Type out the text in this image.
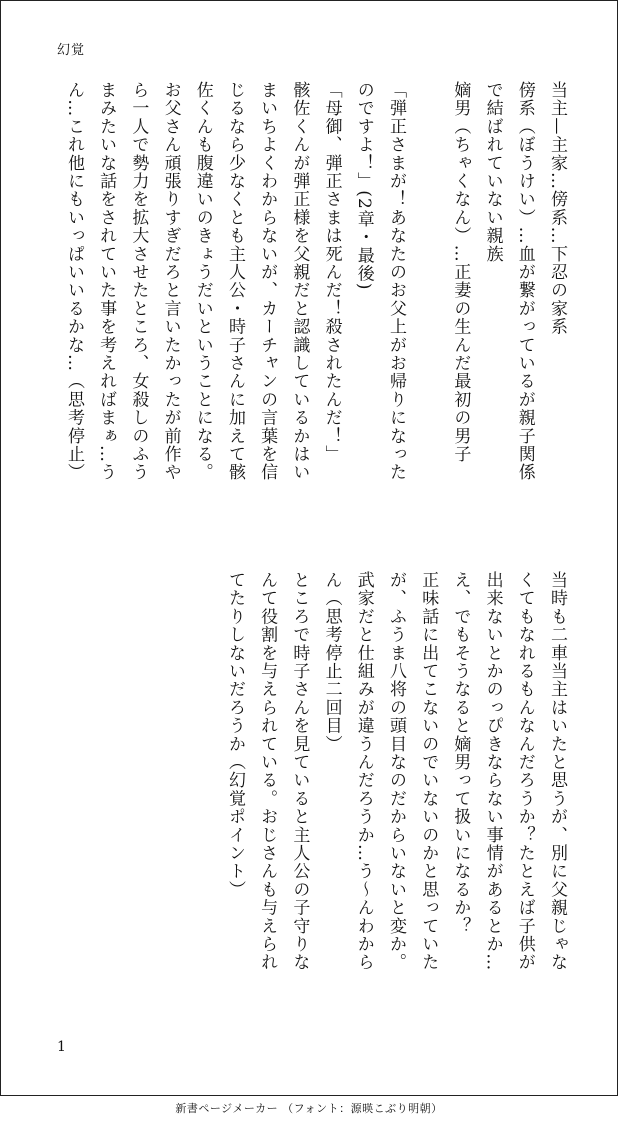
幻覚
当主—主家…傍系…下忍の家系
傍系（ぼうけい）…血が繋がっているが親子関係
で結ばれていない親族
嫡男（ちゃくなん）…正妻の生んだ最初の男子
「弾正さまが！あなたのお父上がお帰りになった
のですよ！」(2章・最後)
「母御、弾正さまは死んだ！殺されたんだ！」
骸佐くんが弾正様を父親だと認識しているかはい
まいちよくわからないが、カーチャンの言葉を信
じるなら少なくとも主人公・時子さんに加えて骸
佐くんも腹違いのきょうだいということになる。
お父さん頑張りすぎだろと言いたかったが前作や
ら一人で勢力を拡大させたところ、女殺しのふう
まみたいな話をされていた事を考えればまぁ…う
ん…これ他にもいっぱいいるかな…（思考停止）
当時も二車当主はいたと思うが、別に父親じゃな
くてもなれるもんなんだろうか？たとえば子供が
出来ないとかのっぴきならない事情があるとか…
え、でもそうなると嫡男って扱いになるか？
正味話に出てこないのでいないのかと思っていた
が、ふうま八将の頭目なのだからいないと変か。
武家だと仕組みが違うんだろうか…う〜んわから
ん（思考停止二回目）
ところで時子さんを見ていると主人公の子守りな
んて役割を与えられている。おじさんも与えられ
てたりしないだろうか（幻覚ポイント）
1
新書ページメーカー （フォント：源暎こぶり明朝）
